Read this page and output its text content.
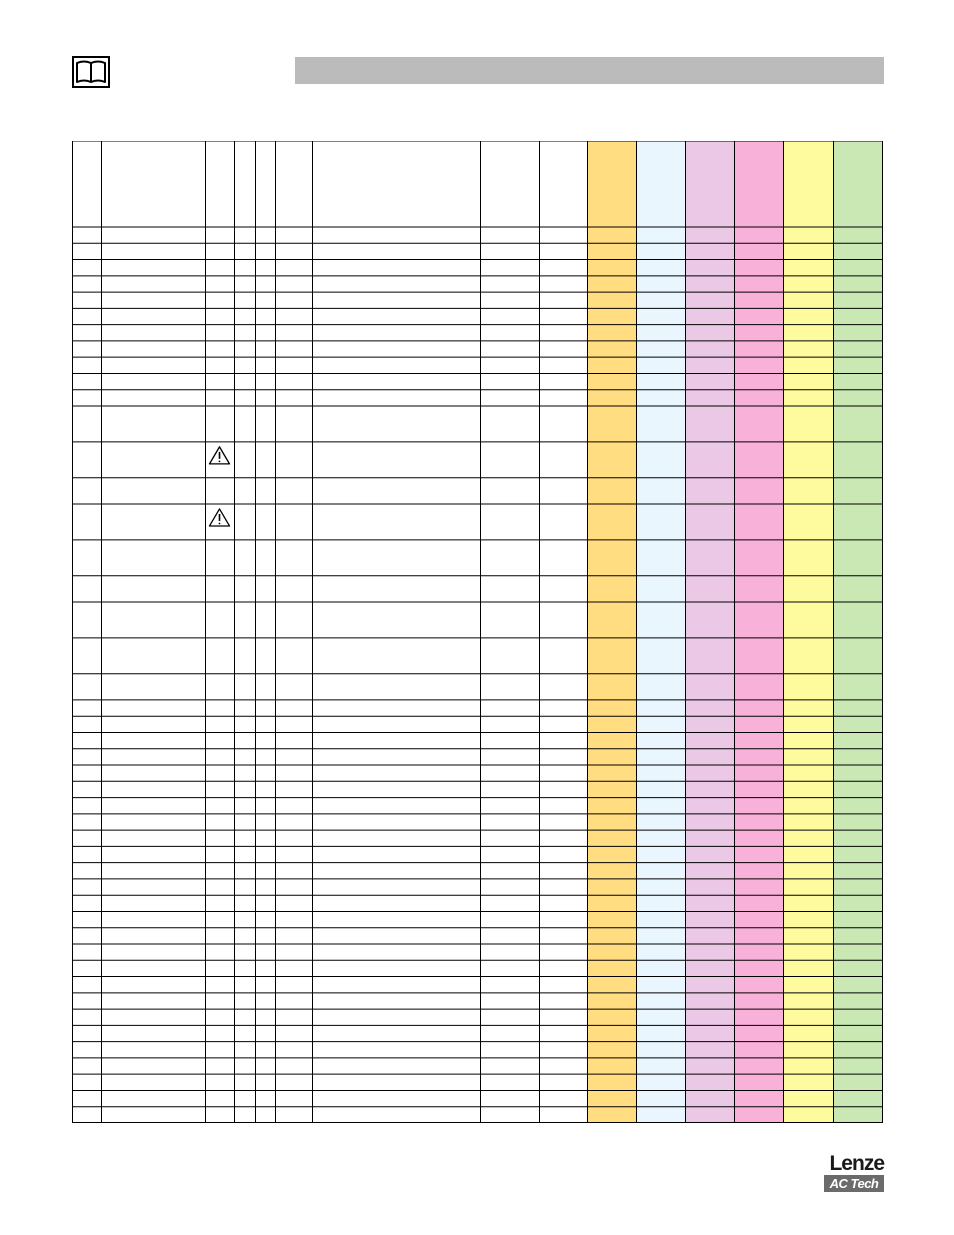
Lenze
AC Tech
